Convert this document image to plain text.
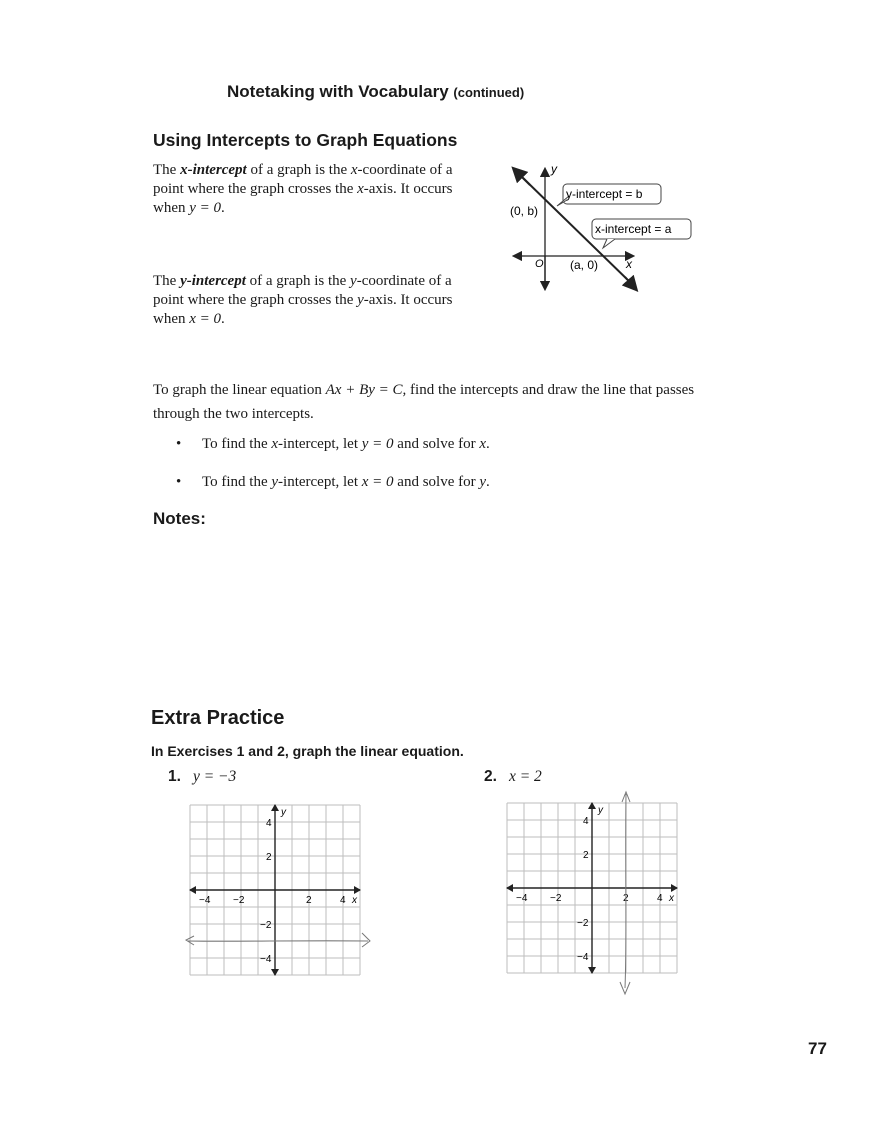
Notetaking with Vocabulary (continued)
Using Intercepts to Graph Equations
The x-intercept of a graph is the x-coordinate of a point where the graph crosses the x-axis. It occurs when y = 0.
The y-intercept of a graph is the y-coordinate of a point where the graph crosses the y-axis. It occurs when x = 0.
y
x
O
(0, b)
(a, 0)
y-intercept = b
x-intercept = a
To graph the linear equation Ax + By = C, find the intercepts and draw the line that passes through the two intercepts.
• To find the x-intercept, let y = 0 and solve for x.
• To find the y-intercept, let x = 0 and solve for y.
Notes:
Extra Practice
In Exercises 1 and 2, graph the linear equation.
1. y = −3	2. x = 2
−4 −2	2	4 x
4
2
−2
−4
y
−4 −2	2	4 x
4
2
−2
−4
y
77
